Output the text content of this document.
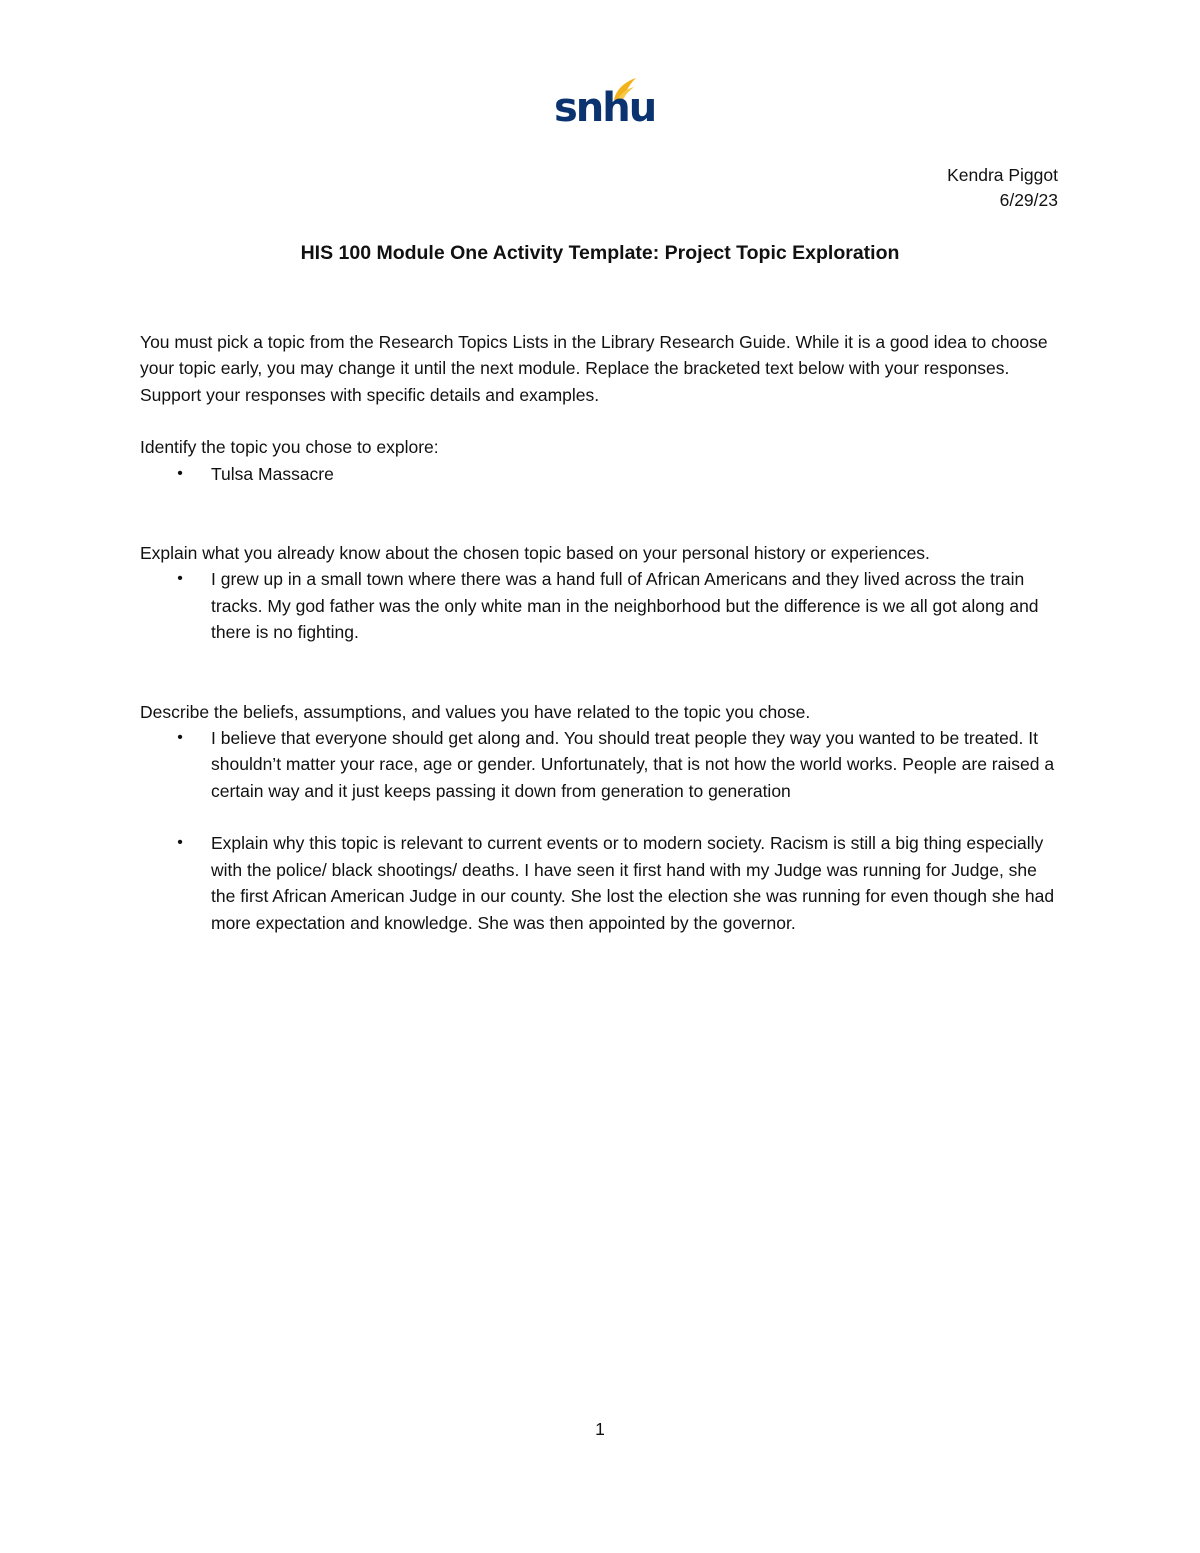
snhu
Kendra Piggot
6/29/23
HIS 100 Module One Activity Template: Project Topic Exploration

You must pick a topic from the Research Topics Lists in the Library Research Guide. While it is a good idea to choose your topic early, you may change it until the next module. Replace the bracketed text below with your responses. Support your responses with specific details and examples.

Identify the topic you chose to explore:

• Tulsa Massacre

Explain what you already know about the chosen topic based on your personal history or experiences.

• I grew up in a small town where there was a hand full of African Americans and they lived across the train tracks. My god father was the only white man in the neighborhood but the difference is we all got along and there is no fighting.

Describe the beliefs, assumptions, and values you have related to the topic you chose.

• I believe that everyone should get along and. You should treat people they way you wanted to be treated. It shouldn’t matter your race, age or gender. Unfortunately, that is not how the world works. People are raised a certain way and it just keeps passing it down from generation to generation
• Explain why this topic is relevant to current events or to modern society. Racism is still a big thing especially with the police/ black shootings/ deaths. I have seen it first hand with my Judge was running for Judge, she the first African American Judge in our county. She lost the election she was running for even though she had more expectation and knowledge. She was then appointed by the governor.
1
